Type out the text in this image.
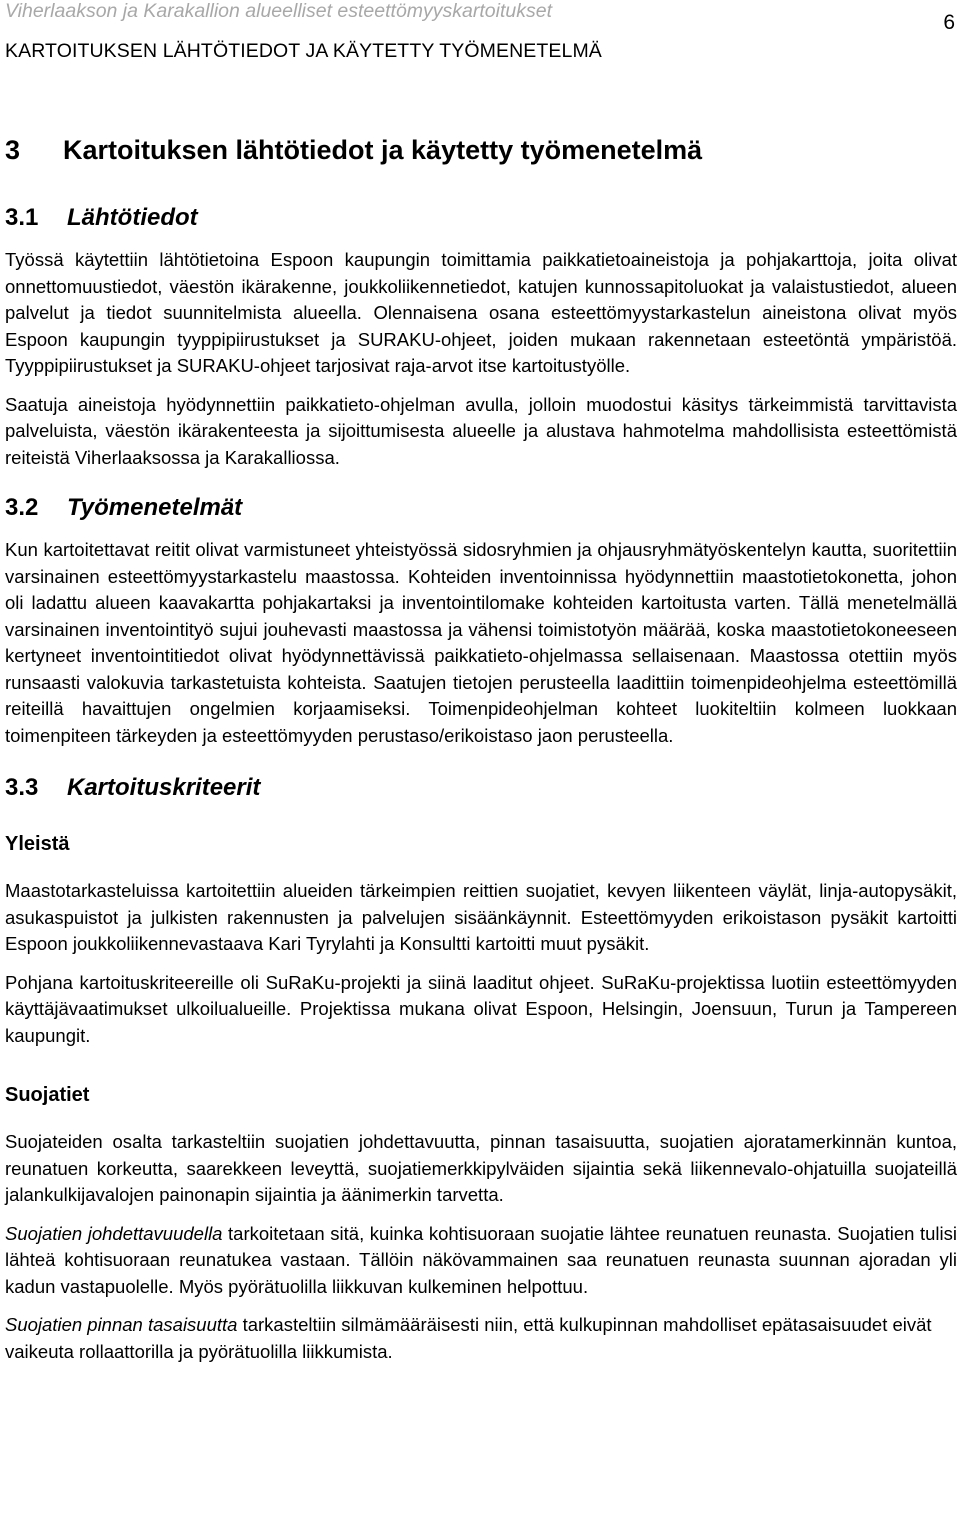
Viherlaakson ja Karakallion alueelliset esteettömyyskartoitukset	6
KARTOITUKSEN LÄHTÖTIEDOT JA KÄYTETTY TYÖMENETELMÄ
3	Kartoituksen lähtötiedot ja käytetty työmenetelmä
3.1	Lähtötiedot

Työssä käytettiin lähtötietoina Espoon kaupungin toimittamia paikkatietoaineistoja ja pohjakarttoja, joita olivat onnettomuustiedot, väestön ikärakenne, joukkoliikennetiedot, katujen kunnossapitoluokat ja valaistustiedot, alueen palvelut ja tiedot suunnitelmista alueella. Olennaisena osana esteettömyystarkastelun aineistona olivat myös Espoon kaupungin tyyppipiirustukset ja SURAKU-ohjeet, joiden mukaan rakennetaan esteetöntä ympäristöä. Tyyppipiirustukset ja SURAKU-ohjeet tarjosivat raja-arvot itse kartoitustyölle.

Saatuja aineistoja hyödynnettiin paikkatieto-ohjelman avulla, jolloin muodostui käsitys tärkeimmistä tarvittavista palveluista, väestön ikärakenteesta ja sijoittumisesta alueelle ja alustava hahmotelma mahdollisista esteettömistä reiteistä Viherlaaksossa ja Karakalliossa.

3.2	Työmenetelmät

Kun kartoitettavat reitit olivat varmistuneet yhteistyössä sidosryhmien ja ohjausryhmätyöskentelyn kautta, suoritettiin varsinainen esteettömyystarkastelu maastossa. Kohteiden inventoinnissa hyödynnettiin maastotietokonetta, johon oli ladattu alueen kaavakartta pohjakartaksi ja inventointilomake kohteiden kartoitusta varten. Tällä menetelmällä varsinainen inventointityö sujui jouhevasti maastossa ja vähensi toimistotyön määrää, koska maastotietokoneeseen kertyneet inventointitiedot olivat hyödynnettävissä paikkatieto-ohjelmassa sellaisenaan. Maastossa otettiin myös runsaasti valokuvia tarkastetuista kohteista. Saatujen tietojen perusteella laadittiin toimenpideohjelma esteettömillä reiteillä havaittujen ongelmien korjaamiseksi. Toimenpideohjelman kohteet luokiteltiin kolmeen luokkaan toimenpiteen tärkeyden ja esteettömyyden perustaso/erikoistaso jaon perusteella.

3.3	Kartoituskriteerit
Yleistä

Maastotarkasteluissa kartoitettiin alueiden tärkeimpien reittien suojatiet, kevyen liikenteen väylät, linja-autopysäkit, asukaspuistot ja julkisten rakennusten ja palvelujen sisäänkäynnit. Esteettömyyden erikoistason pysäkit kartoitti Espoon joukkoliikennevastaava Kari Tyrylahti ja Konsultti kartoitti muut pysäkit.

Pohjana kartoituskriteereille oli SuRaKu-projekti ja siinä laaditut ohjeet. SuRaKu-projektissa luotiin esteettömyyden käyttäjävaatimukset ulkoilualueille. Projektissa mukana olivat Espoon, Helsingin, Joensuun, Turun ja Tampereen kaupungit.

Suojatiet

Suojateiden osalta tarkasteltiin suojatien johdettavuutta, pinnan tasaisuutta, suojatien ajoratamerkinnän kuntoa, reunatuen korkeutta, saarekkeen leveyttä, suojatiemerkkipylväiden sijaintia sekä liikennevalo-ohjatuilla suojateillä jalankulkijavalojen painonapin sijaintia ja äänimerkin tarvetta.

Suojatien johdettavuudella tarkoitetaan sitä, kuinka kohtisuoraan suojatie lähtee reunatuen reunasta. Suojatien tulisi lähteä kohtisuoraan reunatukea vastaan. Tällöin näkövammainen saa reunatuen reunasta suunnan ajoradan yli kadun vastapuolelle. Myös pyörätuolilla liikkuvan kulkeminen helpottuu.

Suojatien pinnan tasaisuutta tarkasteltiin silmämääräisesti niin, että kulkupinnan mahdolliset epätasaisuudet eivät vaikeuta rollaattorilla ja pyörätuolilla liikkumista.
